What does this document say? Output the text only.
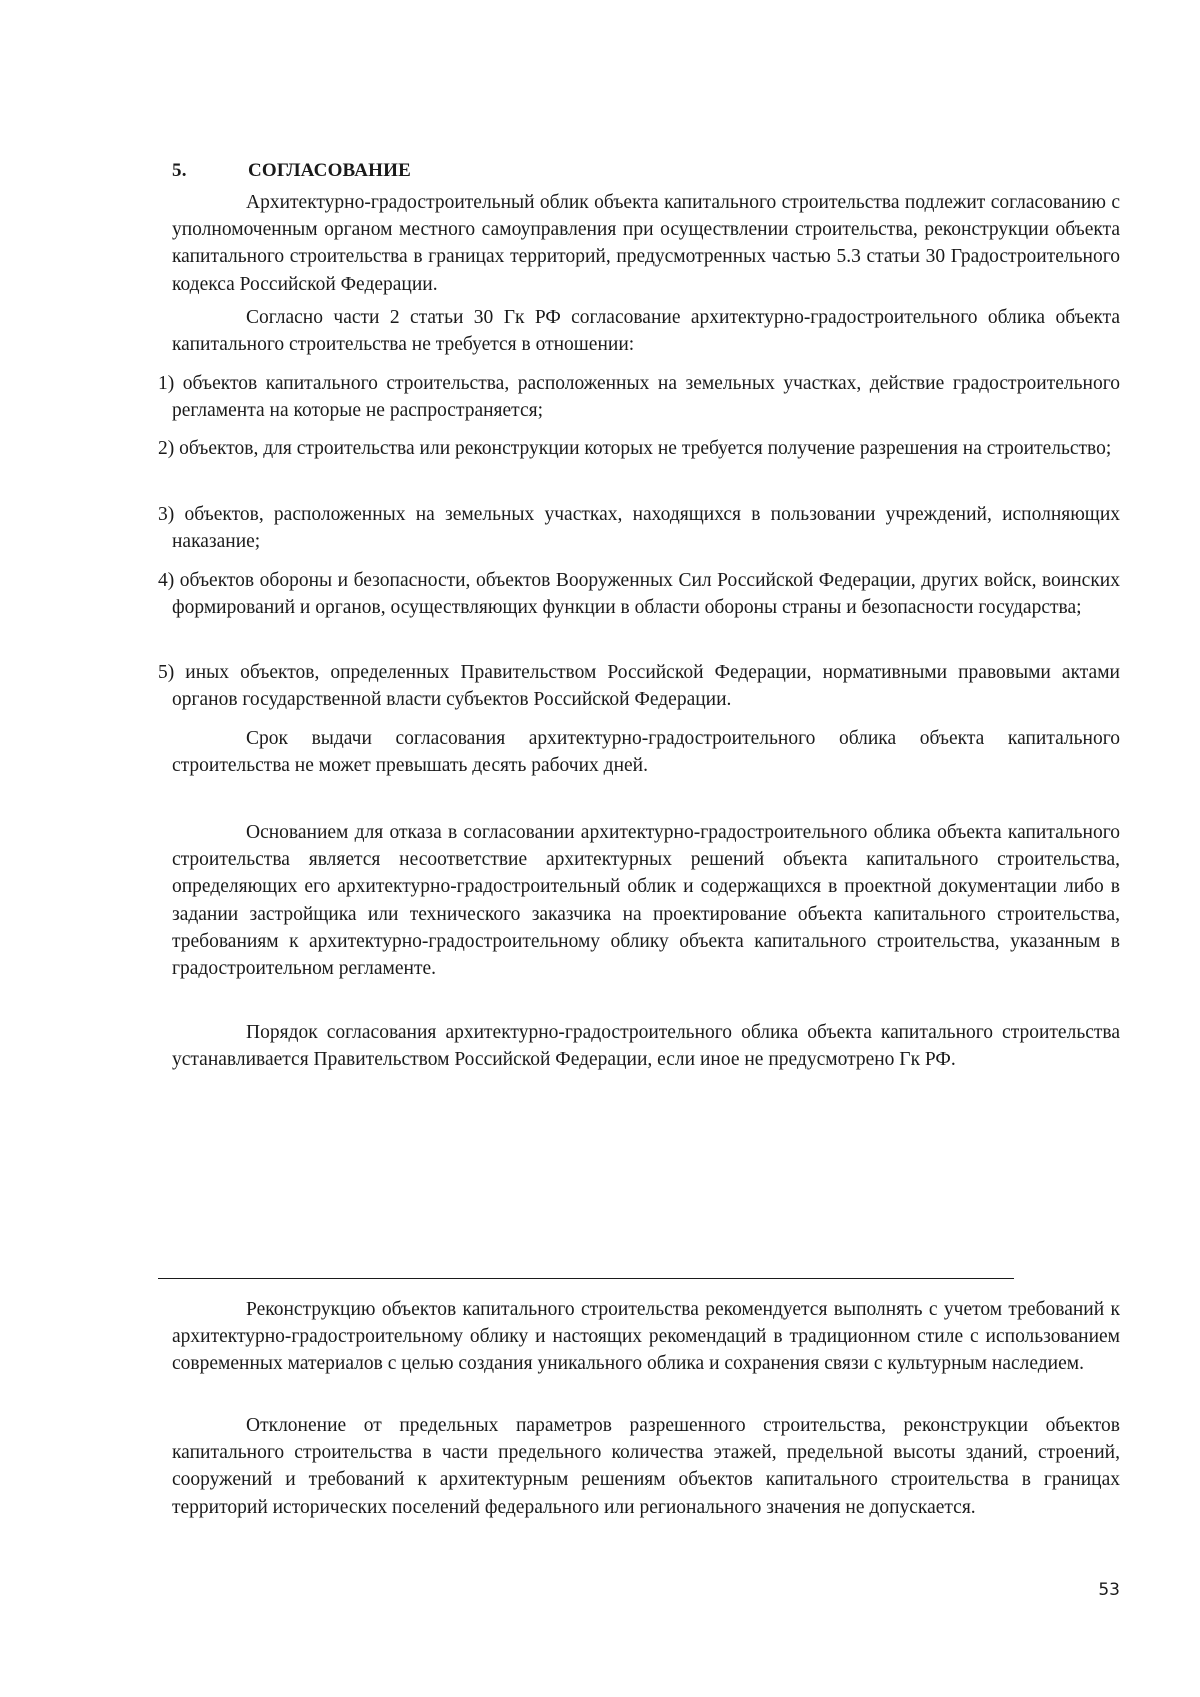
5.	СОГЛАСОВАНИЕ

Архитектурно-градостроительный облик объекта капитального строительства подлежит согласованию с уполномоченным органом местного самоуправления при осуществлении строительства, реконструкции объекта капитального строительства в границах территорий, предусмотренных частью 5.3 статьи 30 Градостроительного кодекса Российской Федерации.

Согласно части 2 статьи 30 Гк РФ согласование архитектурно-градостроительного облика объекта капитального строительства не требуется в отношении:

1) объектов капитального строительства, расположенных на земельных участках, действие градостроительного регламента на которые не распространяется;

2) объектов, для строительства или реконструкции которых не требуется получение разрешения на строительство;

3) объектов, расположенных на земельных участках, находящихся в пользовании учреждений, исполняющих наказание;

4) объектов обороны и безопасности, объектов Вооруженных Сил Российской Федерации, других войск, воинских формирований и органов, осуществляющих функции в области обороны страны и безопасности государства;

5) иных объектов, определенных Правительством Российской Федерации, нормативными правовыми актами органов государственной власти субъектов Российской Федерации.

Срок выдачи согласования архитектурно-градостроительного облика объекта капитального строительства не может превышать десять рабочих дней.

Основанием для отказа в согласовании архитектурно-градостроительного облика объекта капитального строительства является несоответствие архитектурных решений объекта капитального строительства, определяющих его архитектурно-градостроительный облик и содержащихся в проектной документации либо в задании застройщика или технического заказчика на проектирование объекта капитального строительства, требованиям к архитектурно-градостроительному облику объекта капитального строительства, указанным в градостроительном регламенте.

Порядок согласования архитектурно-градостроительного облика объекта капитального строительства устанавливается Правительством Российской Федерации, если иное не предусмотрено Гк РФ.

Реконструкцию объектов капитального строительства рекомендуется выполнять с учетом требований к архитектурно-градостроительному облику и настоящих рекомендаций в традиционном стиле с использованием современных материалов с целью создания уникального облика и сохранения связи с культурным наследием.

Отклонение от предельных параметров разрешенного строительства, реконструкции объектов капитального строительства в части предельного количества этажей, предельной высоты зданий, строений, сооружений и требований к архитектурным решениям объектов капитального строительства в границах территорий исторических поселений федерального или регионального значения не допускается.

53
